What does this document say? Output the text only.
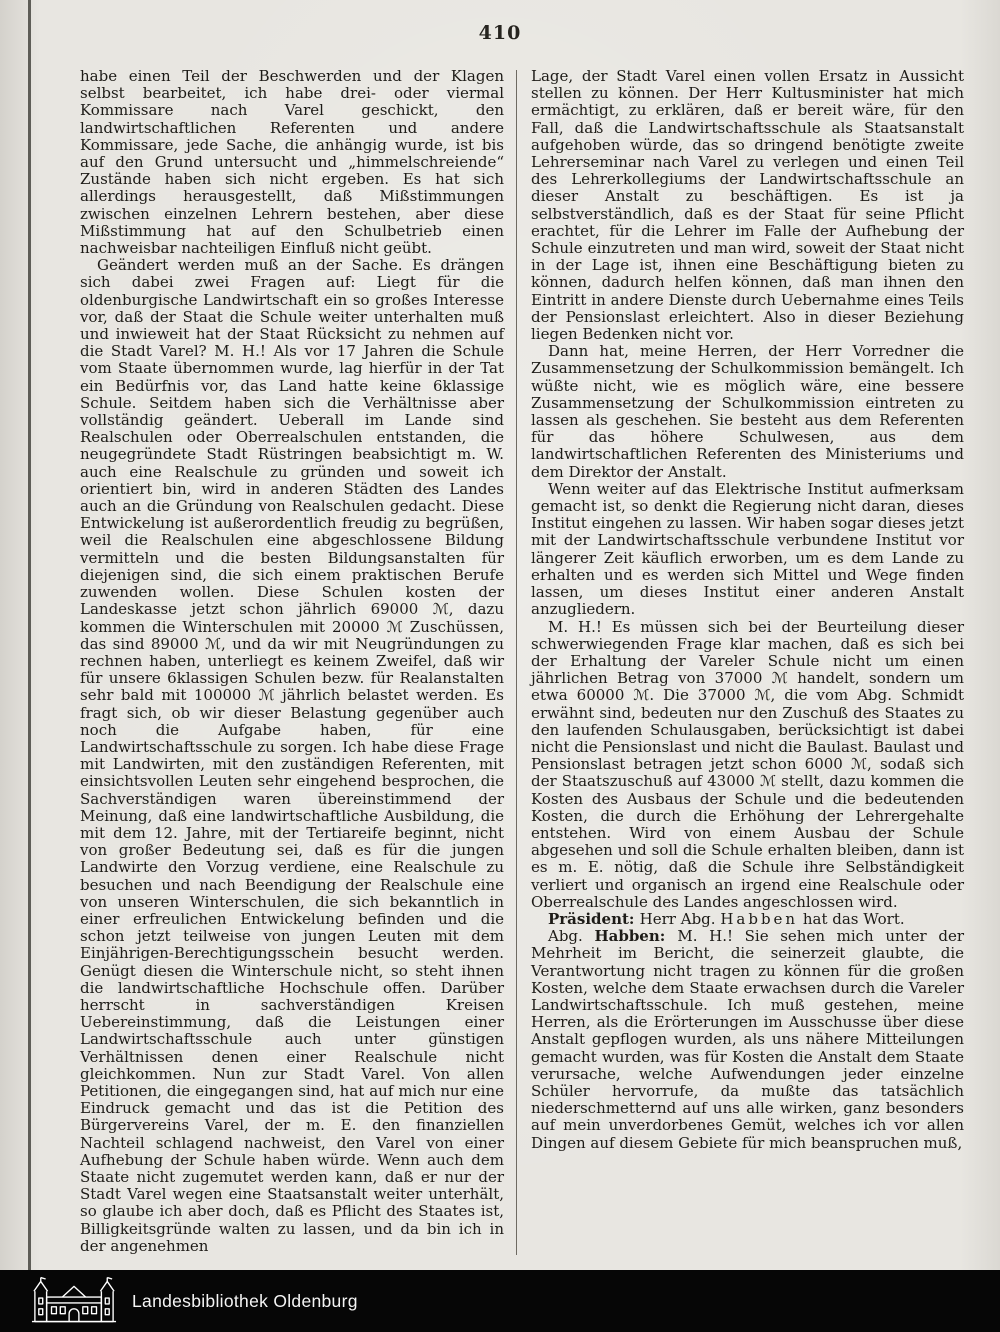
410

habe einen Teil der Beschwerden und der Klagen selbst bearbeitet, ich habe drei- oder viermal Kommissare nach Varel geschickt, den landwirtschaftlichen Referenten und andere Kommissare, jede Sache, die anhängig wurde, ist bis auf den Grund untersucht und „himmelschreiende“ Zustände haben sich nicht ergeben. Es hat sich allerdings herausgestellt, daß Mißstimmungen zwischen einzelnen Lehrern bestehen, aber diese Mißstimmung hat auf den Schulbetrieb einen nachweisbar nachteiligen Einfluß nicht geübt.

Geändert werden muß an der Sache. Es drängen sich dabei zwei Fragen auf: Liegt für die oldenburgische Landwirtschaft ein so großes Interesse vor, daß der Staat die Schule weiter unterhalten muß und inwieweit hat der Staat Rücksicht zu nehmen auf die Stadt Varel? M. H.! Als vor 17 Jahren die Schule vom Staate übernommen wurde, lag hierfür in der Tat ein Bedürfnis vor, das Land hatte keine 6klassige Schule. Seitdem haben sich die Verhältnisse aber vollständig geändert. Ueberall im Lande sind Realschulen oder Oberrealschulen entstanden, die neugegründete Stadt Rüstringen beabsichtigt m. W. auch eine Realschule zu gründen und soweit ich orientiert bin, wird in anderen Städten des Landes auch an die Gründung von Realschulen gedacht. Diese Entwickelung ist außerordentlich freudig zu begrüßen, weil die Realschulen eine abgeschlossene Bildung vermitteln und die besten Bildungsanstalten für diejenigen sind, die sich einem praktischen Berufe zuwenden wollen. Diese Schulen kosten der Landeskasse jetzt schon jährlich 69000 ℳ, dazu kommen die Winterschulen mit 20000 ℳ Zuschüssen, das sind 89000 ℳ, und da wir mit Neugründungen zu rechnen haben, unterliegt es keinem Zweifel, daß wir für unsere 6klassigen Schulen bezw. für Realanstalten sehr bald mit 100000 ℳ jährlich belastet werden. Es fragt sich, ob wir dieser Belastung gegenüber auch noch die Aufgabe haben, für eine Landwirtschaftsschule zu sorgen. Ich habe diese Frage mit Landwirten, mit den zuständigen Referenten, mit einsichtsvollen Leuten sehr eingehend besprochen, die Sachverständigen waren übereinstimmend der Meinung, daß eine landwirtschaftliche Ausbildung, die mit dem 12. Jahre, mit der Tertiareife beginnt, nicht von großer Bedeutung sei, daß es für die jungen Landwirte den Vorzug verdiene, eine Realschule zu besuchen und nach Beendigung der Realschule eine von unseren Winterschulen, die sich bekanntlich in einer erfreulichen Entwickelung befinden und die schon jetzt teilweise von jungen Leuten mit dem Einjährigen-Berechtigungsschein besucht werden. Genügt diesen die Winterschule nicht, so steht ihnen die landwirtschaftliche Hochschule offen. Darüber herrscht in sachverständigen Kreisen Uebereinstimmung, daß die Leistungen einer Landwirtschaftsschule auch unter günstigen Verhältnissen denen einer Realschule nicht gleichkommen. Nun zur Stadt Varel. Von allen Petitionen, die eingegangen sind, hat auf mich nur eine Eindruck gemacht und das ist die Petition des Bürgervereins Varel, der m. E. den finanziellen Nachteil schlagend nachweist, den Varel von einer Aufhebung der Schule haben würde. Wenn auch dem Staate nicht zugemutet werden kann, daß er nur der Stadt Varel wegen eine Staatsanstalt weiter unterhält, so glaube ich aber doch, daß es Pflicht des Staates ist, Billigkeitsgründe walten zu lassen, und da bin ich in der angenehmen

Lage, der Stadt Varel einen vollen Ersatz in Aussicht stellen zu können. Der Herr Kultusminister hat mich ermächtigt, zu erklären, daß er bereit wäre, für den Fall, daß die Landwirtschaftsschule als Staatsanstalt aufgehoben würde, das so dringend benötigte zweite Lehrerseminar nach Varel zu verlegen und einen Teil des Lehrerkollegiums der Landwirtschaftsschule an dieser Anstalt zu beschäftigen. Es ist ja selbstverständlich, daß es der Staat für seine Pflicht erachtet, für die Lehrer im Falle der Aufhebung der Schule einzutreten und man wird, soweit der Staat nicht in der Lage ist, ihnen eine Beschäftigung bieten zu können, dadurch helfen können, daß man ihnen den Eintritt in andere Dienste durch Uebernahme eines Teils der Pensionslast erleichtert. Also in dieser Beziehung liegen Bedenken nicht vor.

Dann hat, meine Herren, der Herr Vorredner die Zusammensetzung der Schulkommission bemängelt. Ich wüßte nicht, wie es möglich wäre, eine bessere Zusammensetzung der Schulkommission eintreten zu lassen als geschehen. Sie besteht aus dem Referenten für das höhere Schulwesen, aus dem landwirtschaftlichen Referenten des Ministeriums und dem Direktor der Anstalt.

Wenn weiter auf das Elektrische Institut aufmerksam gemacht ist, so denkt die Regierung nicht daran, dieses Institut eingehen zu lassen. Wir haben sogar dieses jetzt mit der Landwirtschaftsschule verbundene Institut vor längerer Zeit käuflich erworben, um es dem Lande zu erhalten und es werden sich Mittel und Wege finden lassen, um dieses Institut einer anderen Anstalt anzugliedern.

M. H.! Es müssen sich bei der Beurteilung dieser schwerwiegenden Frage klar machen, daß es sich bei der Erhaltung der Vareler Schule nicht um einen jährlichen Betrag von 37000 ℳ handelt, sondern um etwa 60000 ℳ. Die 37000 ℳ, die vom Abg. Schmidt erwähnt sind, bedeuten nur den Zuschuß des Staates zu den laufenden Schulausgaben, berücksichtigt ist dabei nicht die Pensionslast und nicht die Baulast. Baulast und Pensionslast betragen jetzt schon 6000 ℳ, sodaß sich der Staatszuschuß auf 43000 ℳ stellt, dazu kommen die Kosten des Ausbaus der Schule und die bedeutenden Kosten, die durch die Erhöhung der Lehrergehalte entstehen. Wird von einem Ausbau der Schule abgesehen und soll die Schule erhalten bleiben, dann ist es m. E. nötig, daß die Schule ihre Selbständigkeit verliert und organisch an irgend eine Realschule oder Oberrealschule des Landes angeschlossen wird.

Präsident: Herr Abg. Habben hat das Wort.

Abg. Habben: M. H.! Sie sehen mich unter der Mehrheit im Bericht, die seinerzeit glaubte, die Verantwortung nicht tragen zu können für die großen Kosten, welche dem Staate erwachsen durch die Vareler Landwirtschaftsschule. Ich muß gestehen, meine Herren, als die Erörterungen im Ausschusse über diese Anstalt gepflogen wurden, als uns nähere Mitteilungen gemacht wurden, was für Kosten die Anstalt dem Staate verursache, welche Aufwendungen jeder einzelne Schüler hervorrufe, da mußte das tatsächlich niederschmetternd auf uns alle wirken, ganz besonders auf mein unverdorbenes Gemüt, welches ich vor allen Dingen auf diesem Gebiete für mich beanspruchen muß,

Landesbibliothek Oldenburg
